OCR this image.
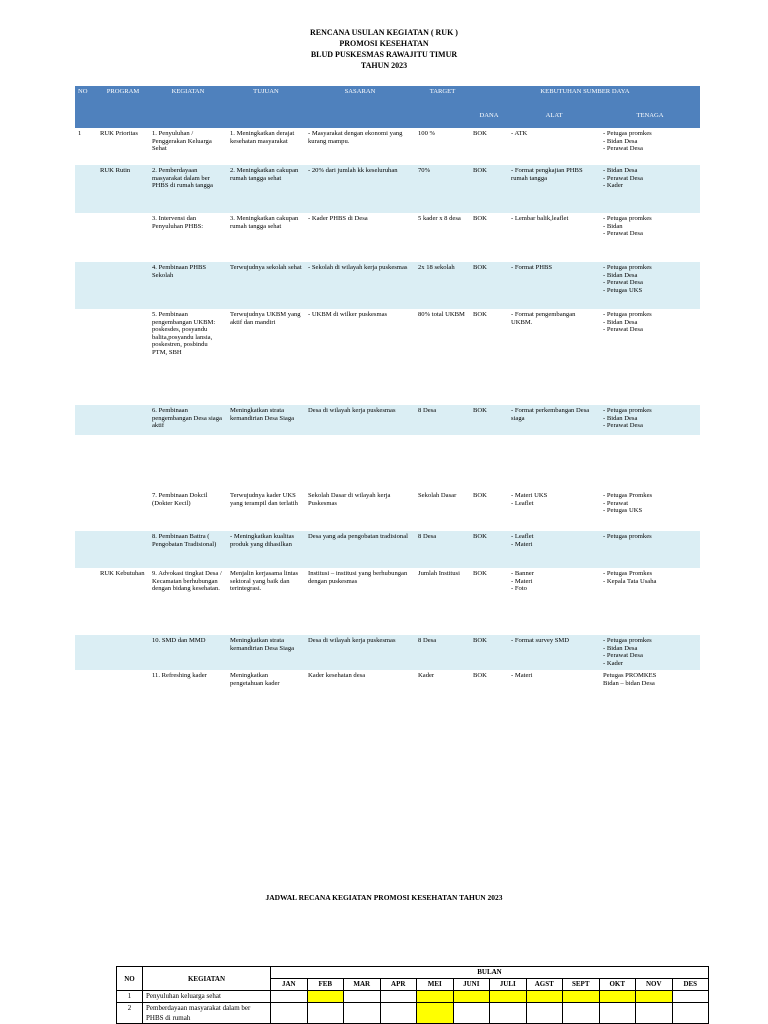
RENCANA USULAN KEGIATAN ( RUK )
PROMOSI KESEHATAN
BLUD PUSKESMAS RAWAJITU TIMUR
TAHUN 2023
NO	PROGRAM	KEGIATAN	TUJUAN	SASARAN	TARGET	KEBUTUHAN SUMBER DAYA		
						DANA	ALAT	TENAGA
1	RUK Prioritas	1. Penyuluhan / Penggerakan Keluarga Sehat	1. Meningkatkan derajat kesehatan masyarakat	- Masyarakat dengan ekonomi yang kurang mampu.	100 %	BOK	- ATK	- Petugas promkes
- Bidan Desa
- Perawat Desa
	RUK Rutin	2. Pemberdayaan masyarakat dalam ber PHBS di rumah tangga	2. Meningkatkan cakupan rumah tangga sehat	- 20% dari jumlah kk keseluruhan	70%	BOK	- Format pengkajian PHBS rumah tangga	- Bidan Desa
- Perawat Desa
- Kader
		3. Intervensi dan Penyuluhan PHBS:	3. Meningkatkan cakupan rumah tangga sehat	- Kader PHBS di Desa	5 kader x 8 desa	BOK	- Lembar balik,leaflet	- Petugas promkes
- Bidan
- Perawat Desa
		4. Pembinaan PHBS Sekolah	Terwujudnya sekolah sehat	- Sekolah di wilayah kerja puskesmas	2x 18 sekolah	BOK	- Format PHBS	- Petugas promkes
- Bidan Desa
- Perawat Desa
- Petugas UKS
		5. Pembinaan pengembangan UKBM: poskesdes, posyandu balita,posyandu lansia, poskestren, posbindu PTM, SBH	Terwujudnya UKBM yang aktif dan mandiri	- UKBM di wilker puskesmas	80% total UKBM	BOK	- Format pengembangan UKBM.	- Petugas promkes
- Bidan Desa
- Perawat Desa
		6. Pembinaan pengembangan Desa siaga aktif	Meningkatkan strata kemandirian Desa Siaga	Desa di wilayah kerja puskesmas	8 Desa	BOK	- Format perkembangan Desa siaga	- Petugas promkes
- Bidan Desa
- Perawat Desa
		7. Pembinaan Dokcil (Dokter Kecil)	Terwujudnya kader UKS yang terampil dan terlatih	Sekolah Dasar di wilayah kerja Puskesmas	Sekolah Dasar	BOK	- Materi UKS
- Leaflet	- Petugas Promkes
- Perawat
- Petugas UKS
		8. Pembinaan Battra ( Pengobatan Tradisional)	- Meningkatkan kualitas produk yang dihasilkan	Desa yang ada pengobatan tradisional	8 Desa	BOK	- Leaflet
- Materi	- Petugas promkes
	RUK Kebutuhan	9. Advokasi tingkat Desa / Kecamatan berhubungan dengan bidang kesehatan.	Menjalin kerjasama lintas sektoral yang baik dan terintegrasi.	Institusi – institusi yang berhubungan dengan puskesmas	Jumlah Institusi	BOK	- Banner
- Materi
- Foto	- Petugas Promkes
- Kepala Tata Usaha
		10. SMD dan MMD	Meningkatkan strata kemandirian Desa Siaga	Desa di wilayah kerja puskesmas	8 Desa	BOK	- Format survey SMD	- Petugas promkes
- Bidan Desa
- Perawat Desa
- Kader
		11. Refreshing kader	Meningkatkan pengetahuan kader	Kader kesehatan desa	Kader	BOK	- Materi	Petugas PROMKES
Bidan – bidan Desa
JADWAL RECANA KEGIATAN PROMOSI KESEHATAN TAHUN 2023
NO	KEGIATAN	BULAN											
		JAN	FEB	MAR	APR	MEI	JUNI	JULI	AGST	SEPT	OKT	NOV	DES
1	Penyuluhan keluarga sehat												
2	Pemberdayaan masyarakat dalam ber PHBS di rumah												
